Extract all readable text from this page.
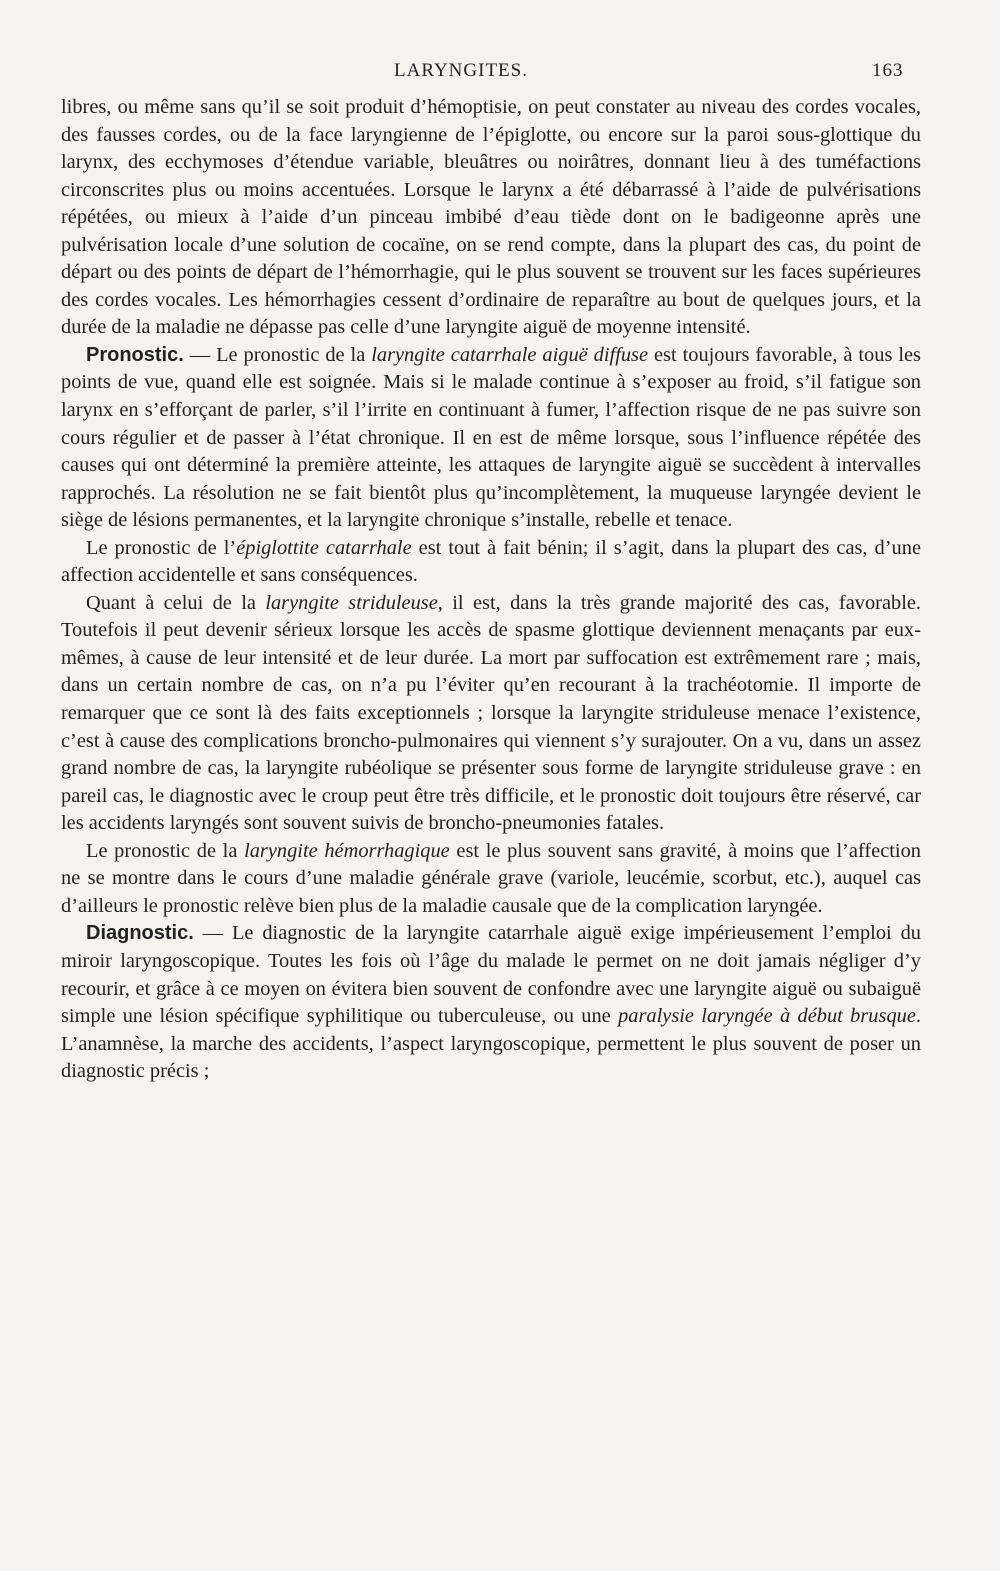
LARYNGITES.	163

libres, ou même sans qu’il se soit produit d’hémoptisie, on peut constater au niveau des cordes vocales, des fausses cordes, ou de la face laryngienne de l’épiglotte, ou encore sur la paroi sous-glottique du larynx, des ecchymoses d’étendue variable, bleuâtres ou noirâtres, donnant lieu à des tuméfactions circonscrites plus ou moins accentuées. Lorsque le larynx a été débarrassé à l’aide de pulvérisations répétées, ou mieux à l’aide d’un pinceau imbibé d’eau tiède dont on le badigeonne après une pulvérisation locale d’une solution de cocaïne, on se rend compte, dans la plupart des cas, du point de départ ou des points de départ de l’hémorrhagie, qui le plus souvent se trouvent sur les faces supérieures des cordes vocales. Les hémorrhagies cessent d’ordinaire de reparaître au bout de quelques jours, et la durée de la maladie ne dépasse pas celle d’une laryngite aiguë de moyenne intensité.

Pronostic. — Le pronostic de la laryngite catarrhale aiguë diffuse est toujours favorable, à tous les points de vue, quand elle est soignée. Mais si le malade continue à s’exposer au froid, s’il fatigue son larynx en s’efforçant de parler, s’il l’irrite en continuant à fumer, l’affection risque de ne pas suivre son cours régulier et de passer à l’état chronique. Il en est de même lorsque, sous l’influence répétée des causes qui ont déterminé la première atteinte, les attaques de laryngite aiguë se succèdent à intervalles rapprochés. La résolution ne se fait bientôt plus qu’incomplètement, la muqueuse laryngée devient le siège de lésions permanentes, et la laryngite chronique s’installe, rebelle et tenace.

Le pronostic de l’épiglottite catarrhale est tout à fait bénin; il s’agit, dans la plupart des cas, d’une affection accidentelle et sans conséquences.

Quant à celui de la laryngite striduleuse, il est, dans la très grande majorité des cas, favorable. Toutefois il peut devenir sérieux lorsque les accès de spasme glottique deviennent menaçants par eux-mêmes, à cause de leur intensité et de leur durée. La mort par suffocation est extrêmement rare ; mais, dans un certain nombre de cas, on n’a pu l’éviter qu’en recourant à la trachéotomie. Il importe de remarquer que ce sont là des faits exceptionnels ; lorsque la laryngite striduleuse menace l’existence, c’est à cause des complications broncho-pulmonaires qui viennent s’y surajouter. On a vu, dans un assez grand nombre de cas, la laryngite rubéolique se présenter sous forme de laryngite striduleuse grave : en pareil cas, le diagnostic avec le croup peut être très difficile, et le pronostic doit toujours être réservé, car les accidents laryngés sont souvent suivis de broncho-pneumonies fatales.

Le pronostic de la laryngite hémorrhagique est le plus souvent sans gravité, à moins que l’affection ne se montre dans le cours d’une maladie générale grave (variole, leucémie, scorbut, etc.), auquel cas d’ailleurs le pronostic relève bien plus de la maladie causale que de la complication laryngée.

Diagnostic. — Le diagnostic de la laryngite catarrhale aiguë exige impérieusement l’emploi du miroir laryngoscopique. Toutes les fois où l’âge du malade le permet on ne doit jamais négliger d’y recourir, et grâce à ce moyen on évitera bien souvent de confondre avec une laryngite aiguë ou subaiguë simple une lésion spécifique syphilitique ou tuberculeuse, ou une paralysie laryngée à début brusque. L’anamnèse, la marche des accidents, l’aspect laryngoscopique, permettent le plus souvent de poser un diagnostic précis ;
